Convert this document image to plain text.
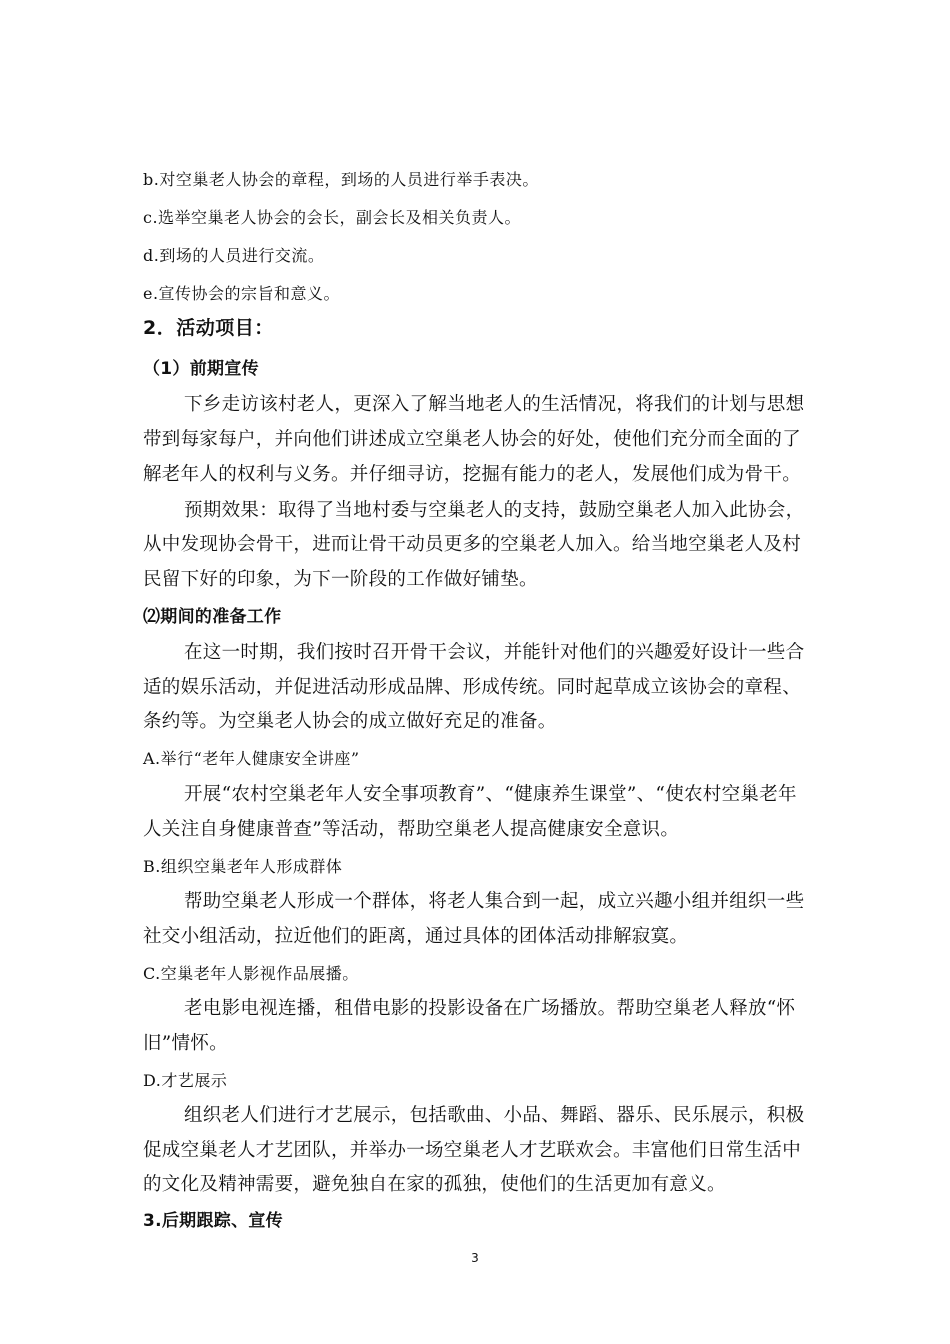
b.对空巢老人协会的章程，到场的人员进行举手表决。
c.选举空巢老人协会的会长，副会长及相关负责人。
d.到场的人员进行交流。
e.宣传协会的宗旨和意义。
2．活动项目：
（1）前期宣传
下乡走访该村老人，更深入了解当地老人的生活情况，将我们的计划与思想
带到每家每户，并向他们讲述成立空巢老人协会的好处，使他们充分而全面的了
解老年人的权利与义务。并仔细寻访，挖掘有能力的老人，发展他们成为骨干。
预期效果：取得了当地村委与空巢老人的支持，鼓励空巢老人加入此协会，
从中发现协会骨干，进而让骨干动员更多的空巢老人加入。给当地空巢老人及村
民留下好的印象，为下一阶段的工作做好铺垫。
⑵期间的准备工作
在这一时期，我们按时召开骨干会议，并能针对他们的兴趣爱好设计一些合
适的娱乐活动，并促进活动形成品牌、形成传统。同时起草成立该协会的章程、
条约等。为空巢老人协会的成立做好充足的准备。
A.举行“老年人健康安全讲座”
开展“农村空巢老年人安全事项教育”、“健康养生课堂”、“使农村空巢老年
人关注自身健康普查”等活动，帮助空巢老人提高健康安全意识。
B.组织空巢老年人形成群体
帮助空巢老人形成一个群体，将老人集合到一起，成立兴趣小组并组织一些
社交小组活动，拉近他们的距离，通过具体的团体活动排解寂寞。
C.空巢老年人影视作品展播。
老电影电视连播，租借电影的投影设备在广场播放。帮助空巢老人释放“怀
旧”情怀。
D.才艺展示
组织老人们进行才艺展示，包括歌曲、小品、舞蹈、器乐、民乐展示，积极
促成空巢老人才艺团队，并举办一场空巢老人才艺联欢会。丰富他们日常生活中
的文化及精神需要，避免独自在家的孤独，使他们的生活更加有意义。
3.后期跟踪、宣传
3
